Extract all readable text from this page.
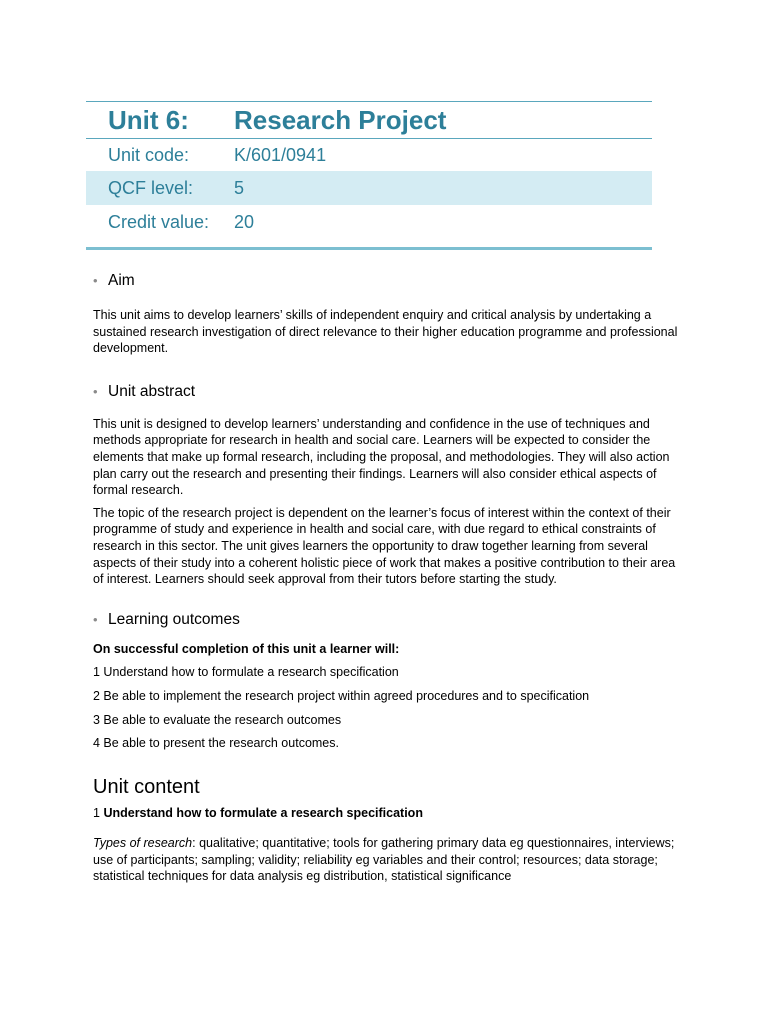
Unit 6:	Research Project
Unit code:	K/601/0941
QCF level:	5
Credit value:	20
• Aim

This unit aims to develop learners’ skills of independent enquiry and critical analysis by undertaking a sustained research investigation of direct relevance to their higher education programme and professional development.

• Unit abstract

This unit is designed to develop learners’ understanding and confidence in the use of techniques and methods appropriate for research in health and social care. Learners will be expected to consider the elements that make up formal research, including the proposal, and methodologies. They will also action plan carry out the research and presenting their findings. Learners will also consider ethical aspects of formal research.

The topic of the research project is dependent on the learner’s focus of interest within the context of their programme of study and experience in health and social care, with due regard to ethical constraints of research in this sector. The unit gives learners the opportunity to draw together learning from several aspects of their study into a coherent holistic piece of work that makes a positive contribution to their area of interest. Learners should seek approval from their tutors before starting the study.

• Learning outcomes

On successful completion of this unit a learner will:

1 Understand how to formulate a research specification

2 Be able to implement the research project within agreed procedures and to specification

3 Be able to evaluate the research outcomes

4 Be able to present the research outcomes.

Unit content

1 Understand how to formulate a research specification

Types of research: qualitative; quantitative; tools for gathering primary data eg questionnaires, interviews; use of participants; sampling; validity; reliability eg variables and their control; resources; data storage; statistical techniques for data analysis eg distribution, statistical significance
